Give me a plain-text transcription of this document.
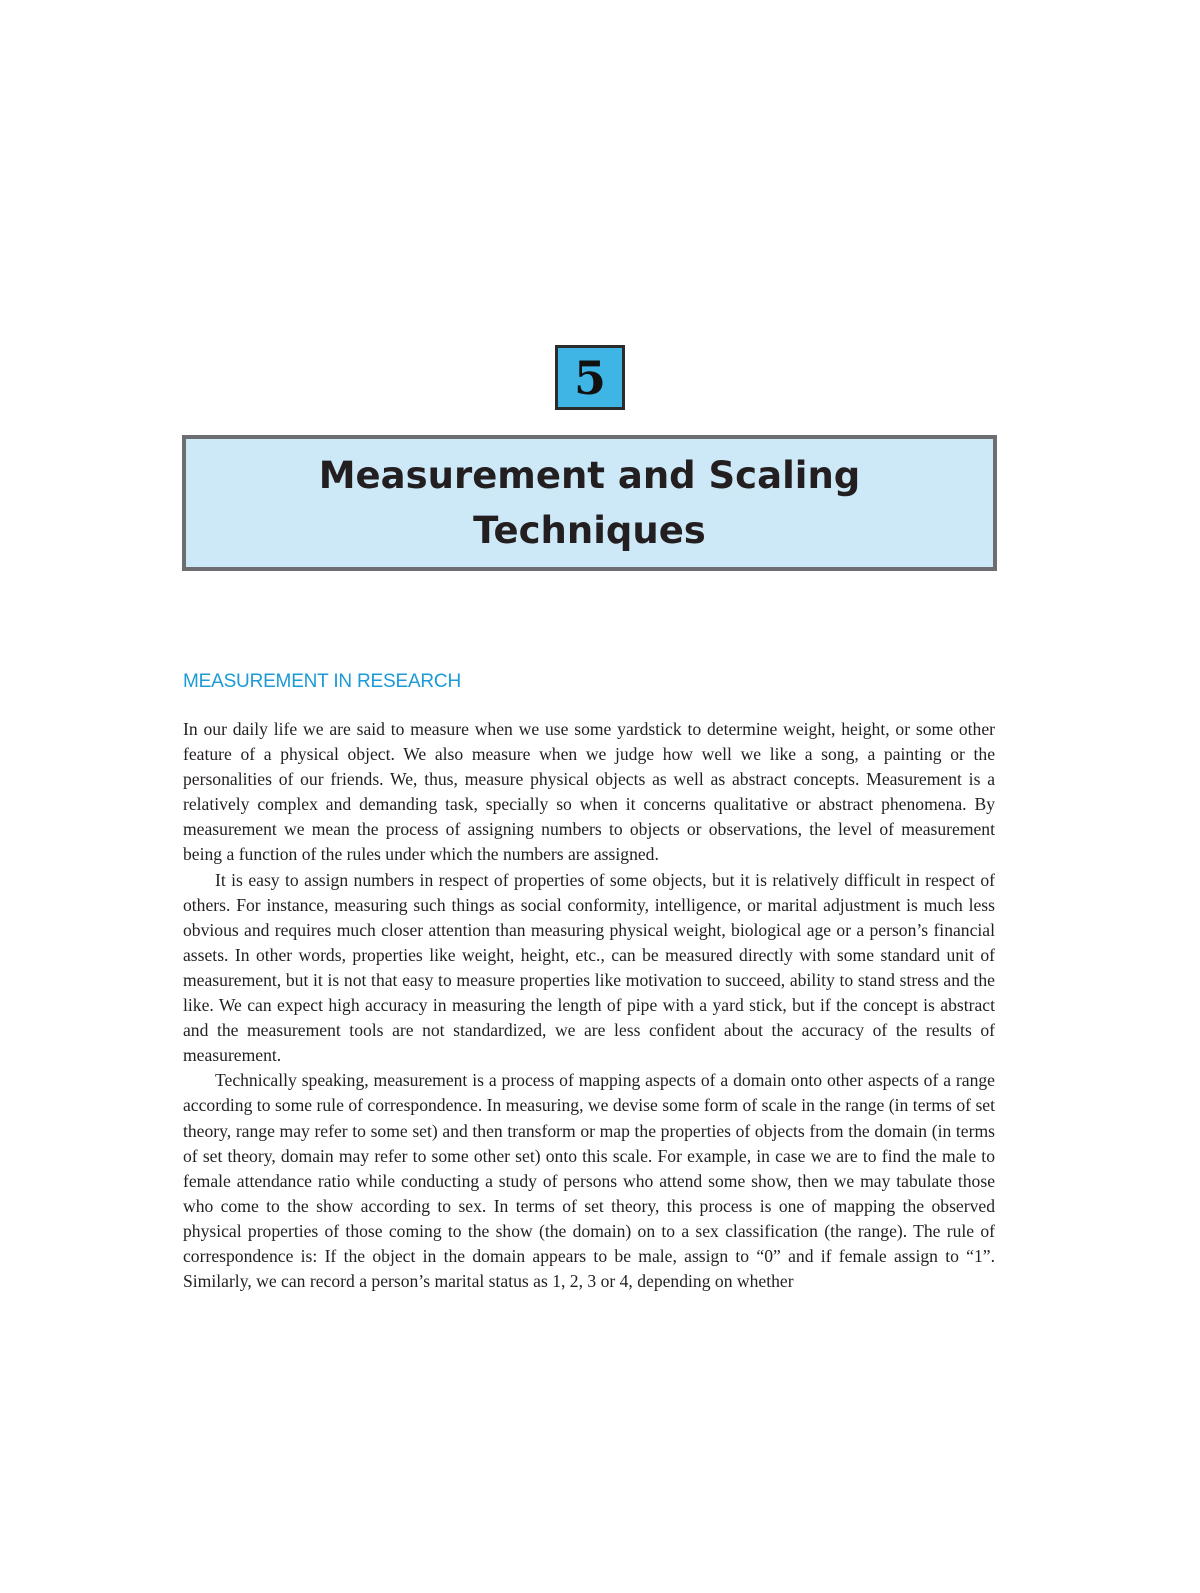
5
Measurement and Scaling Techniques
MEASUREMENT IN RESEARCH

In our daily life we are said to measure when we use some yardstick to determine weight, height, or some other feature of a physical object. We also measure when we judge how well we like a song, a painting or the personalities of our friends. We, thus, measure physical objects as well as abstract concepts. Measurement is a relatively complex and demanding task, specially so when it concerns qualitative or abstract phenomena. By measurement we mean the process of assigning numbers to objects or observations, the level of measurement being a function of the rules under which the numbers are assigned.

It is easy to assign numbers in respect of properties of some objects, but it is relatively difficult in respect of others. For instance, measuring such things as social conformity, intelligence, or marital adjustment is much less obvious and requires much closer attention than measuring physical weight, biological age or a person’s financial assets. In other words, properties like weight, height, etc., can be measured directly with some standard unit of measurement, but it is not that easy to measure properties like motivation to succeed, ability to stand stress and the like. We can expect high accuracy in measuring the length of pipe with a yard stick, but if the concept is abstract and the measurement tools are not standardized, we are less confident about the accuracy of the results of measurement.

Technically speaking, measurement is a process of mapping aspects of a domain onto other aspects of a range according to some rule of correspondence. In measuring, we devise some form of scale in the range (in terms of set theory, range may refer to some set) and then transform or map the properties of objects from the domain (in terms of set theory, domain may refer to some other set) onto this scale. For example, in case we are to find the male to female attendance ratio while conducting a study of persons who attend some show, then we may tabulate those who come to the show according to sex. In terms of set theory, this process is one of mapping the observed physical properties of those coming to the show (the domain) on to a sex classification (the range). The rule of correspondence is: If the object in the domain appears to be male, assign to “0” and if female assign to “1”. Similarly, we can record a person’s marital status as 1, 2, 3 or 4, depending on whether
